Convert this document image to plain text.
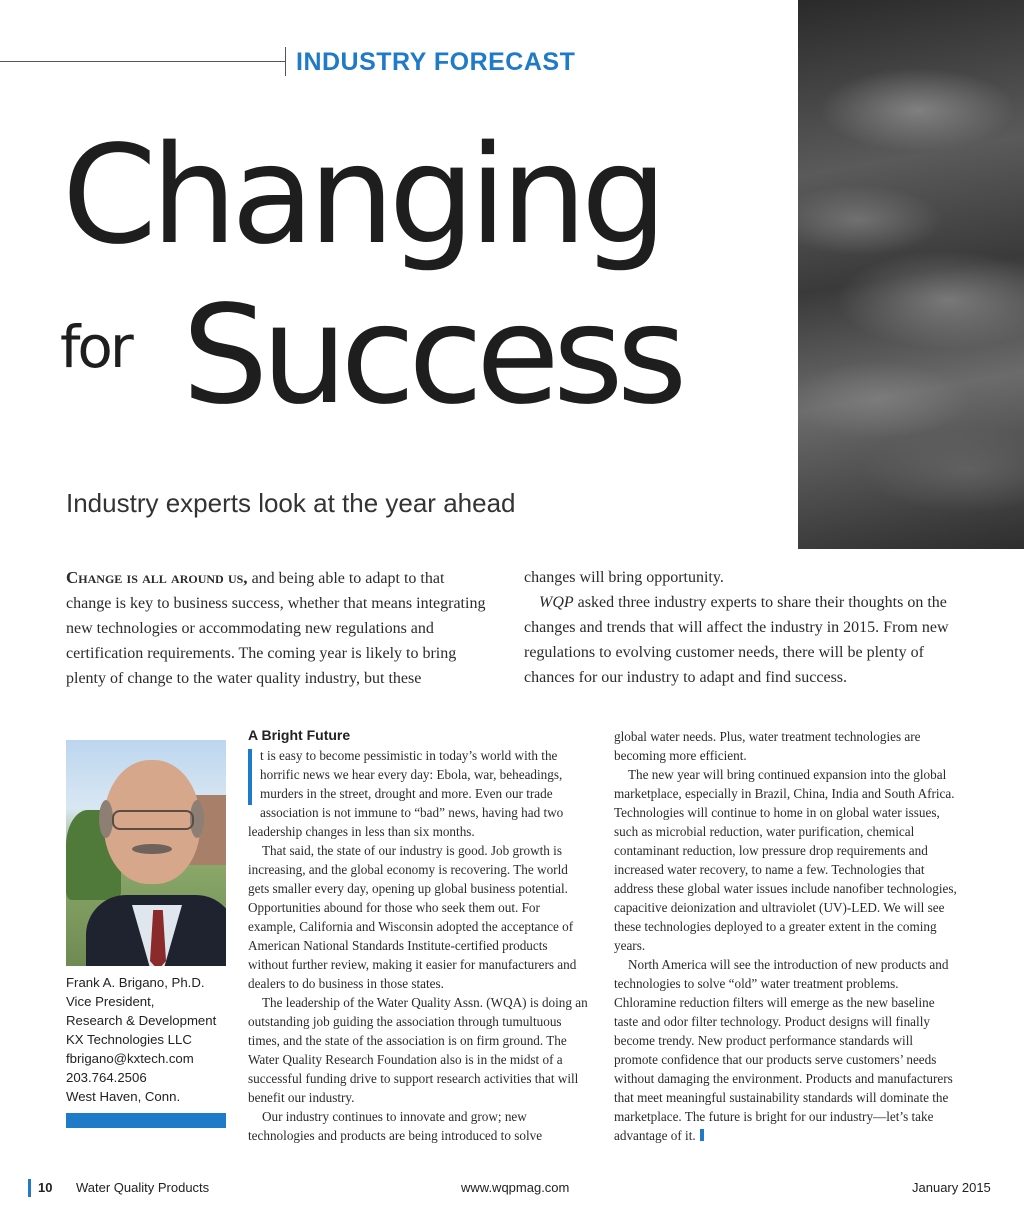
INDUSTRY FORECAST
Changing
for Success
Industry experts look at the year ahead

Change is all around us, and being able to adapt to that change is key to business success, whether that means integrating new technologies or accommodating new regulations and certification requirements. The coming year is likely to bring plenty of change to the water quality industry, but these

changes will bring opportunity.

WQP asked three industry experts to share their thoughts on the changes and trends that will affect the industry in 2015. From new regulations to evolving customer needs, there will be plenty of chances for our industry to adapt and find success.

Frank A. Brigano, Ph.D.
Vice President,
Research & Development
KX Technologies LLC
fbrigano@kxtech.com
203.764.2506
West Haven, Conn.
A Bright Future

t is easy to become pessimistic in today’s world with the horrific news we hear every day: Ebola, war, beheadings, murders in the street, drought and more. Even our trade association is not immune to “bad” news, having had two leadership changes in less than six months.

That said, the state of our industry is good. Job growth is increasing, and the global economy is recovering. The world gets smaller every day, opening up global business potential. Opportunities abound for those who seek them out. For example, California and Wisconsin adopted the acceptance of American National Standards Institute-certified products without further review, making it easier for manufacturers and dealers to do business in those states.

The leadership of the Water Quality Assn. (WQA) is doing an outstanding job guiding the association through tumultuous times, and the state of the association is on firm ground. The Water Quality Research Foundation also is in the midst of a successful funding drive to support research activities that will benefit our industry.

Our industry continues to innovate and grow; new technologies and products are being introduced to solve

global water needs. Plus, water treatment technologies are becoming more efficient.

The new year will bring continued expansion into the global marketplace, especially in Brazil, China, India and South Africa. Technologies will continue to home in on global water issues, such as microbial reduction, water purification, chemical contaminant reduction, low pressure drop requirements and increased water recovery, to name a few. Technologies that address these global water issues include nanofiber technologies, capacitive deionization and ultraviolet (UV)-LED. We will see these technologies deployed to a greater extent in the coming years.

North America will see the introduction of new products and technologies to solve “old” water treatment problems. Chloramine reduction filters will emerge as the new baseline taste and odor filter technology. Product designs will finally become trendy. New product performance standards will promote confidence that our products serve customers’ needs without damaging the environment. Products and manufacturers that meet meaningful sustainability standards will dominate the marketplace. The future is bright for our industry—let’s take advantage of it.

10 Water Quality Products	www.wqpmag.com	January 2015
